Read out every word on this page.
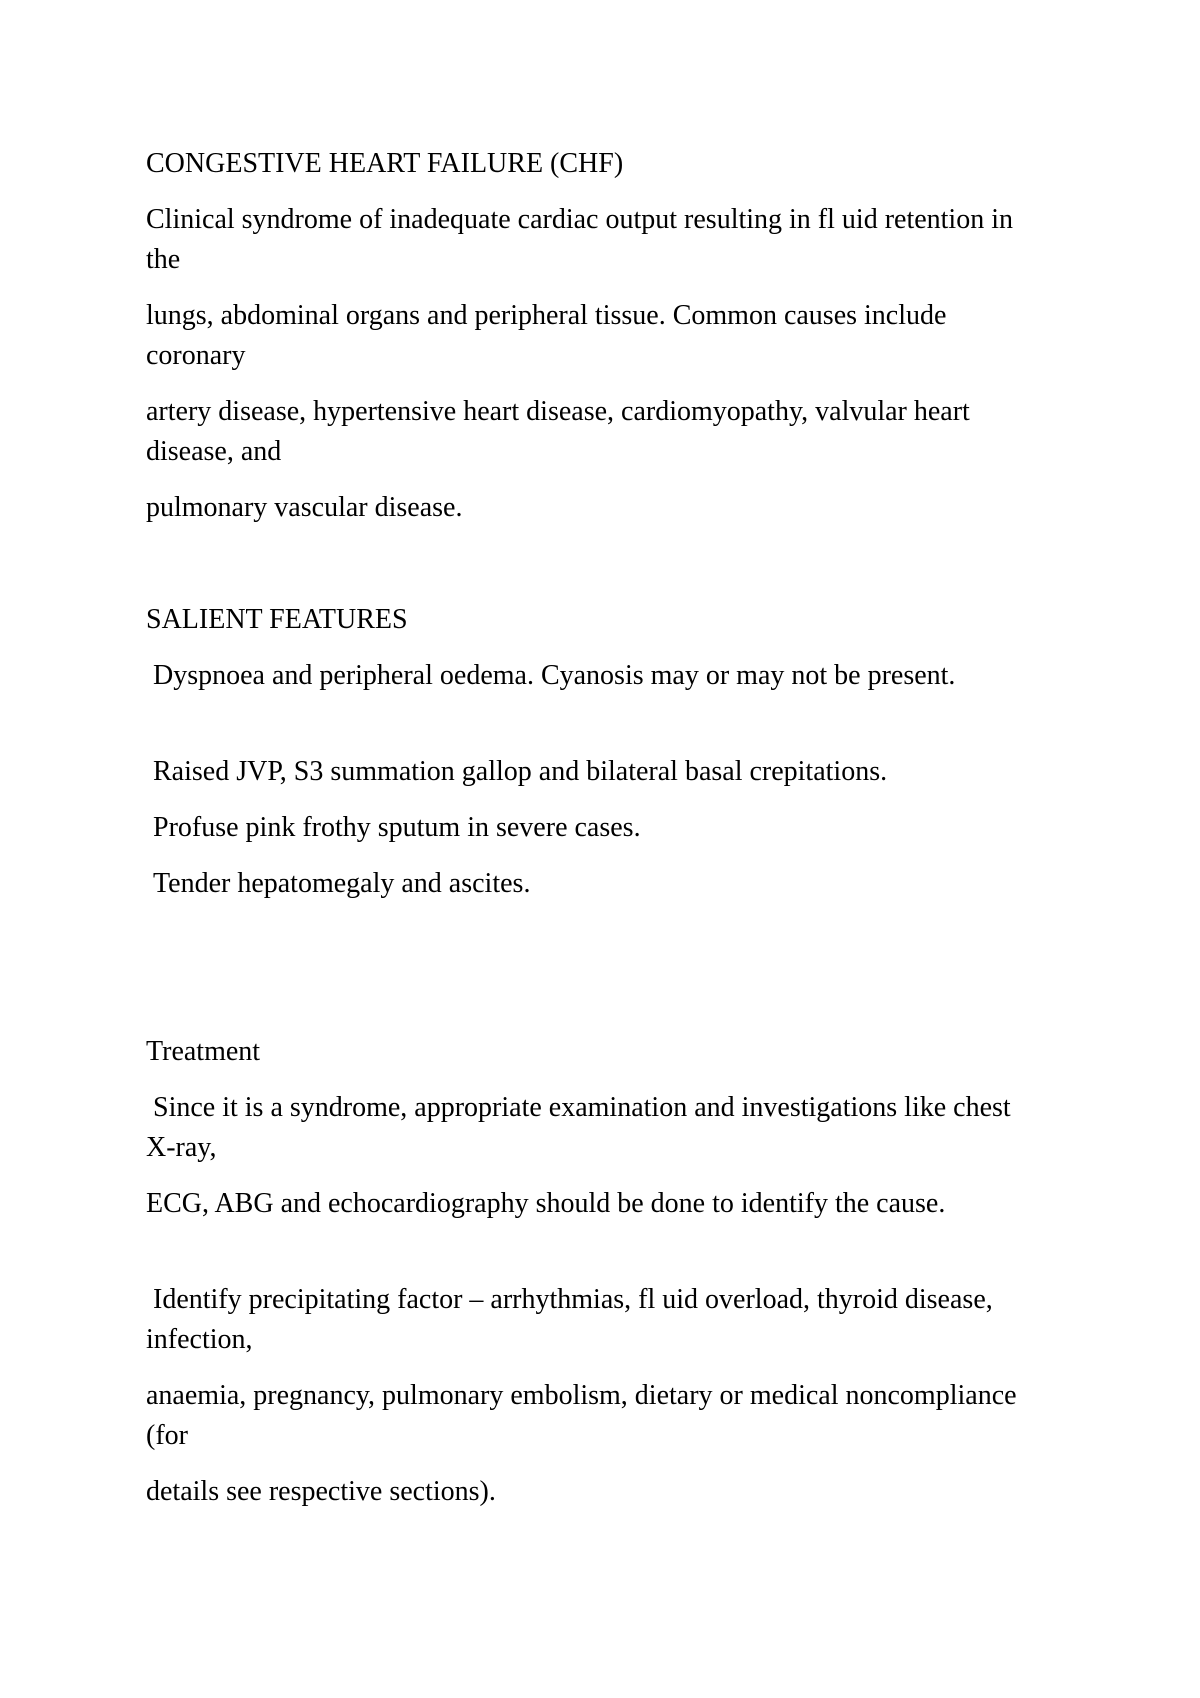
CONGESTIVE HEART FAILURE (CHF)

Clinical syndrome of inadequate cardiac output resulting in fl uid retention in the

lungs, abdominal organs and peripheral tissue. Common causes include coronary

artery disease, hypertensive heart disease, cardiomyopathy, valvular heart disease, and

pulmonary vascular disease.

SALIENT FEATURES

Dyspnoea and peripheral oedema. Cyanosis may or may not be present.

Raised JVP, S3 summation gallop and bilateral basal crepitations.

Profuse pink frothy sputum in severe cases.

Tender hepatomegaly and ascites.

Treatment

Since it is a syndrome, appropriate examination and investigations like chest X-ray,

ECG, ABG and echocardiography should be done to identify the cause.

Identify precipitating factor – arrhythmias, fl uid overload, thyroid disease, infection,

anaemia, pregnancy, pulmonary embolism, dietary or medical noncompliance (for

details see respective sections).
